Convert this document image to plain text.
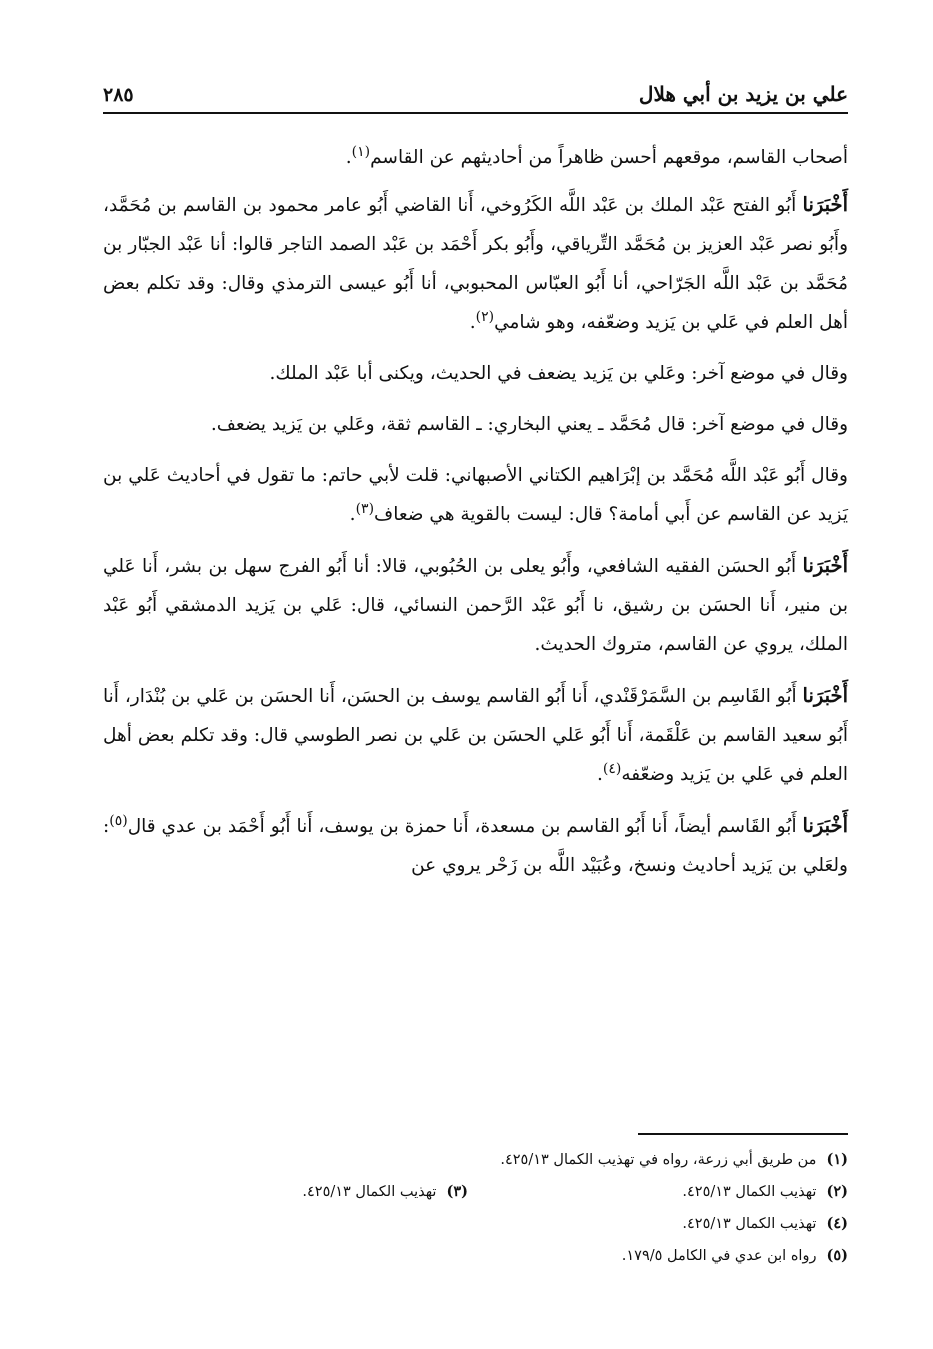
علي بن يزيد بن أبي هلال
٢٨٥

أصحاب القاسم، موقعهم أحسن ظاهراً من أحاديثهم عن القاسم$^{(١)}$.

أَخْبَرَنا أَبُو الفتح عَبْد الملك بن عَبْد اللَّه الكَرُوخي، أَنا القاضي أَبُو عامر محمود بن القاسم بن مُحَمَّد، وأَبُو نصر عَبْد العزيز بن مُحَمَّد التِّرياقي، وأَبُو بكر أَحْمَد بن عَبْد الصمد التاجر قالوا: أنا عَبْد الجبّار بن مُحَمَّد بن عَبْد اللَّه الجَرّاحي، أنا أَبُو العبّاس المحبوبي، أنا أَبُو عيسى الترمذي وقال: وقد تكلم بعض أهل العلم في عَلي بن يَزيد وضعّفه، وهو شامي$^{(٢)}$.

وقال في موضع آخر: وعَلي بن يَزيد يضعف في الحديث، ويكنى أبا عَبْد الملك.

وقال في موضع آخر: قال مُحَمَّد ـ يعني البخاري: ـ القاسم ثقة، وعَلي بن يَزيد يضعف.

وقال أَبُو عَبْد اللَّه مُحَمَّد بن إبْرَاهيم الكتاني الأصبهاني: قلت لأبي حاتم: ما تقول في أحاديث عَلي بن يَزيد عن القاسم عن أَبي أمامة؟ قال: ليست بالقوية هي ضعاف$^{(٣)}$.

أَخْبَرَنا أَبُو الحسَن الفقيه الشافعي، وأَبُو يعلى بن الحُبُوبي، قالا: أنا أَبُو الفرج سهل بن بشر، أَنا عَلي بن منير، أَنا الحسَن بن رشيق، نا أَبُو عَبْد الرَّحمن النسائي، قال: عَلي بن يَزيد الدمشقي أَبُو عَبْد الملك، يروي عن القاسم، متروك الحديث.

أَخْبَرَنا أَبُو القَاسِم بن السَّمَرْقَنْدي، أَنا أَبُو القاسم يوسف بن الحسَن، أَنا الحسَن بن عَلي بن بُنْدَار، أَنا أَبُو سعيد القاسم بن عَلْقَمة، أَنا أَبُو عَلي الحسَن بن عَلي بن نصر الطوسي قال: وقد تكلم بعض أهل العلم في عَلي بن يَزيد وضعّفه$^{(٤)}$.

أَخْبَرَنا أَبُو القَاسم أيضاً، أَنا أَبُو القاسم بن مسعدة، أَنا حمزة بن يوسف، أَنا أَبُو أَحْمَد بن عدي قال$^{(٥)}$: ولعَلي بن يَزيد أحاديث ونسخ، وعُبَيْد اللَّه بن زَحْر يروي عن

(١)
من طريق أبي زرعة، رواه في تهذيب الكمال ٤٢٥/١٣.
(٢)
تهذيب الكمال ٤٢٥/١٣.
(٣)
تهذيب الكمال ٤٢٥/١٣.
(٤)
تهذيب الكمال ٤٢٥/١٣.
(٥)
رواه ابن عدي في الكامل ١٧٩/٥.
